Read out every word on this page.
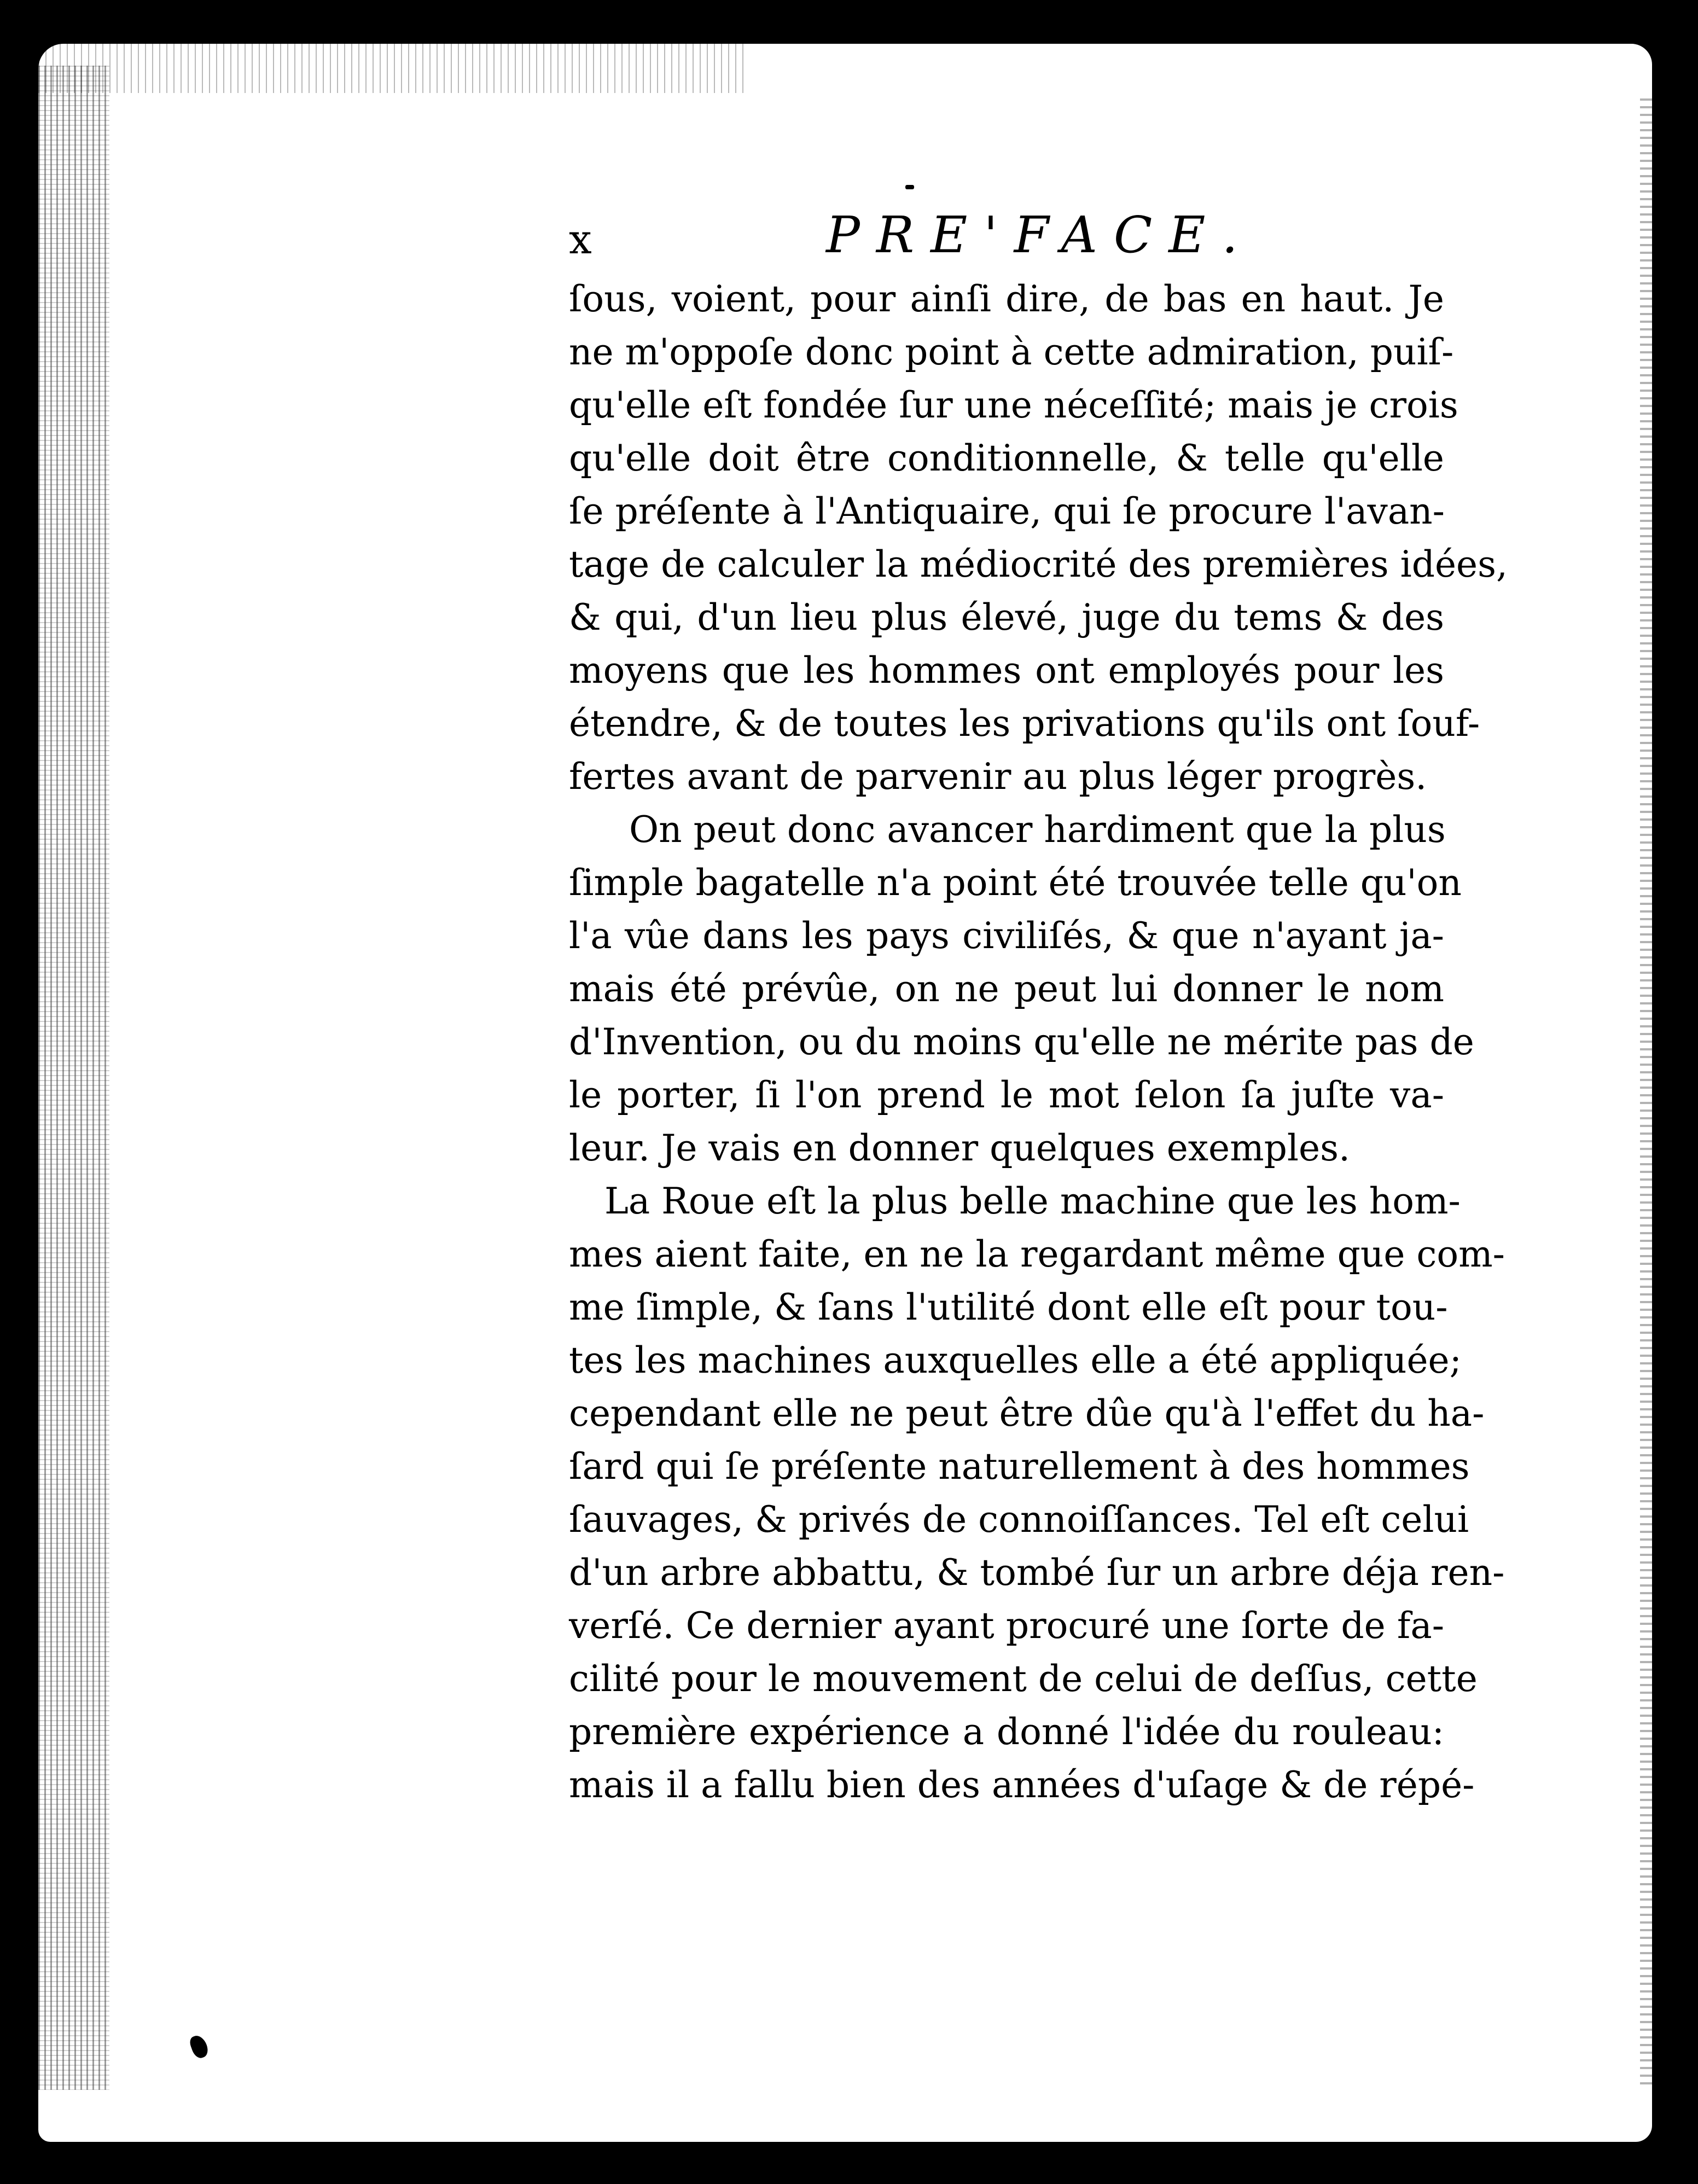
x	PRE'FACE.
ſous, voient, pour ainſi dire, de bas en haut. Je
ne m'oppoſe donc point à cette admiration, puiſ-
qu'elle eſt fondée ſur une néceſſité; mais je crois
qu'elle doit être conditionnelle, & telle qu'elle
ſe préſente à l'Antiquaire, qui ſe procure l'avan-
tage de calculer la médiocrité des premières idées,
& qui, d'un lieu plus élevé, juge du tems & des
moyens que les hommes ont employés pour les
étendre, & de toutes les privations qu'ils ont ſouf-
fertes avant de parvenir au plus léger progrès.
On peut donc avancer hardiment que la plus
ſimple bagatelle n'a point été trouvée telle qu'on
l'a vûe dans les pays civiliſés, & que n'ayant ja-
mais été prévûe, on ne peut lui donner le nom
d'Invention, ou du moins qu'elle ne mérite pas de
le porter, ſi l'on prend le mot ſelon ſa juſte va-
leur. Je vais en donner quelques exemples.
La Roue eſt la plus belle machine que les hom-
mes aient faite, en ne la regardant même que com-
me ſimple, & ſans l'utilité dont elle eſt pour tou-
tes les machines auxquelles elle a été appliquée;
cependant elle ne peut être dûe qu'à l'effet du ha-
ſard qui ſe préſente naturellement à des hommes
ſauvages, & privés de connoiſſances. Tel eſt celui
d'un arbre abbattu, & tombé ſur un arbre déja ren-
verſé. Ce dernier ayant procuré une ſorte de fa-
cilité pour le mouvement de celui de deſſus, cette
première expérience a donné l'idée du rouleau:
mais il a fallu bien des années d'uſage & de répé-
